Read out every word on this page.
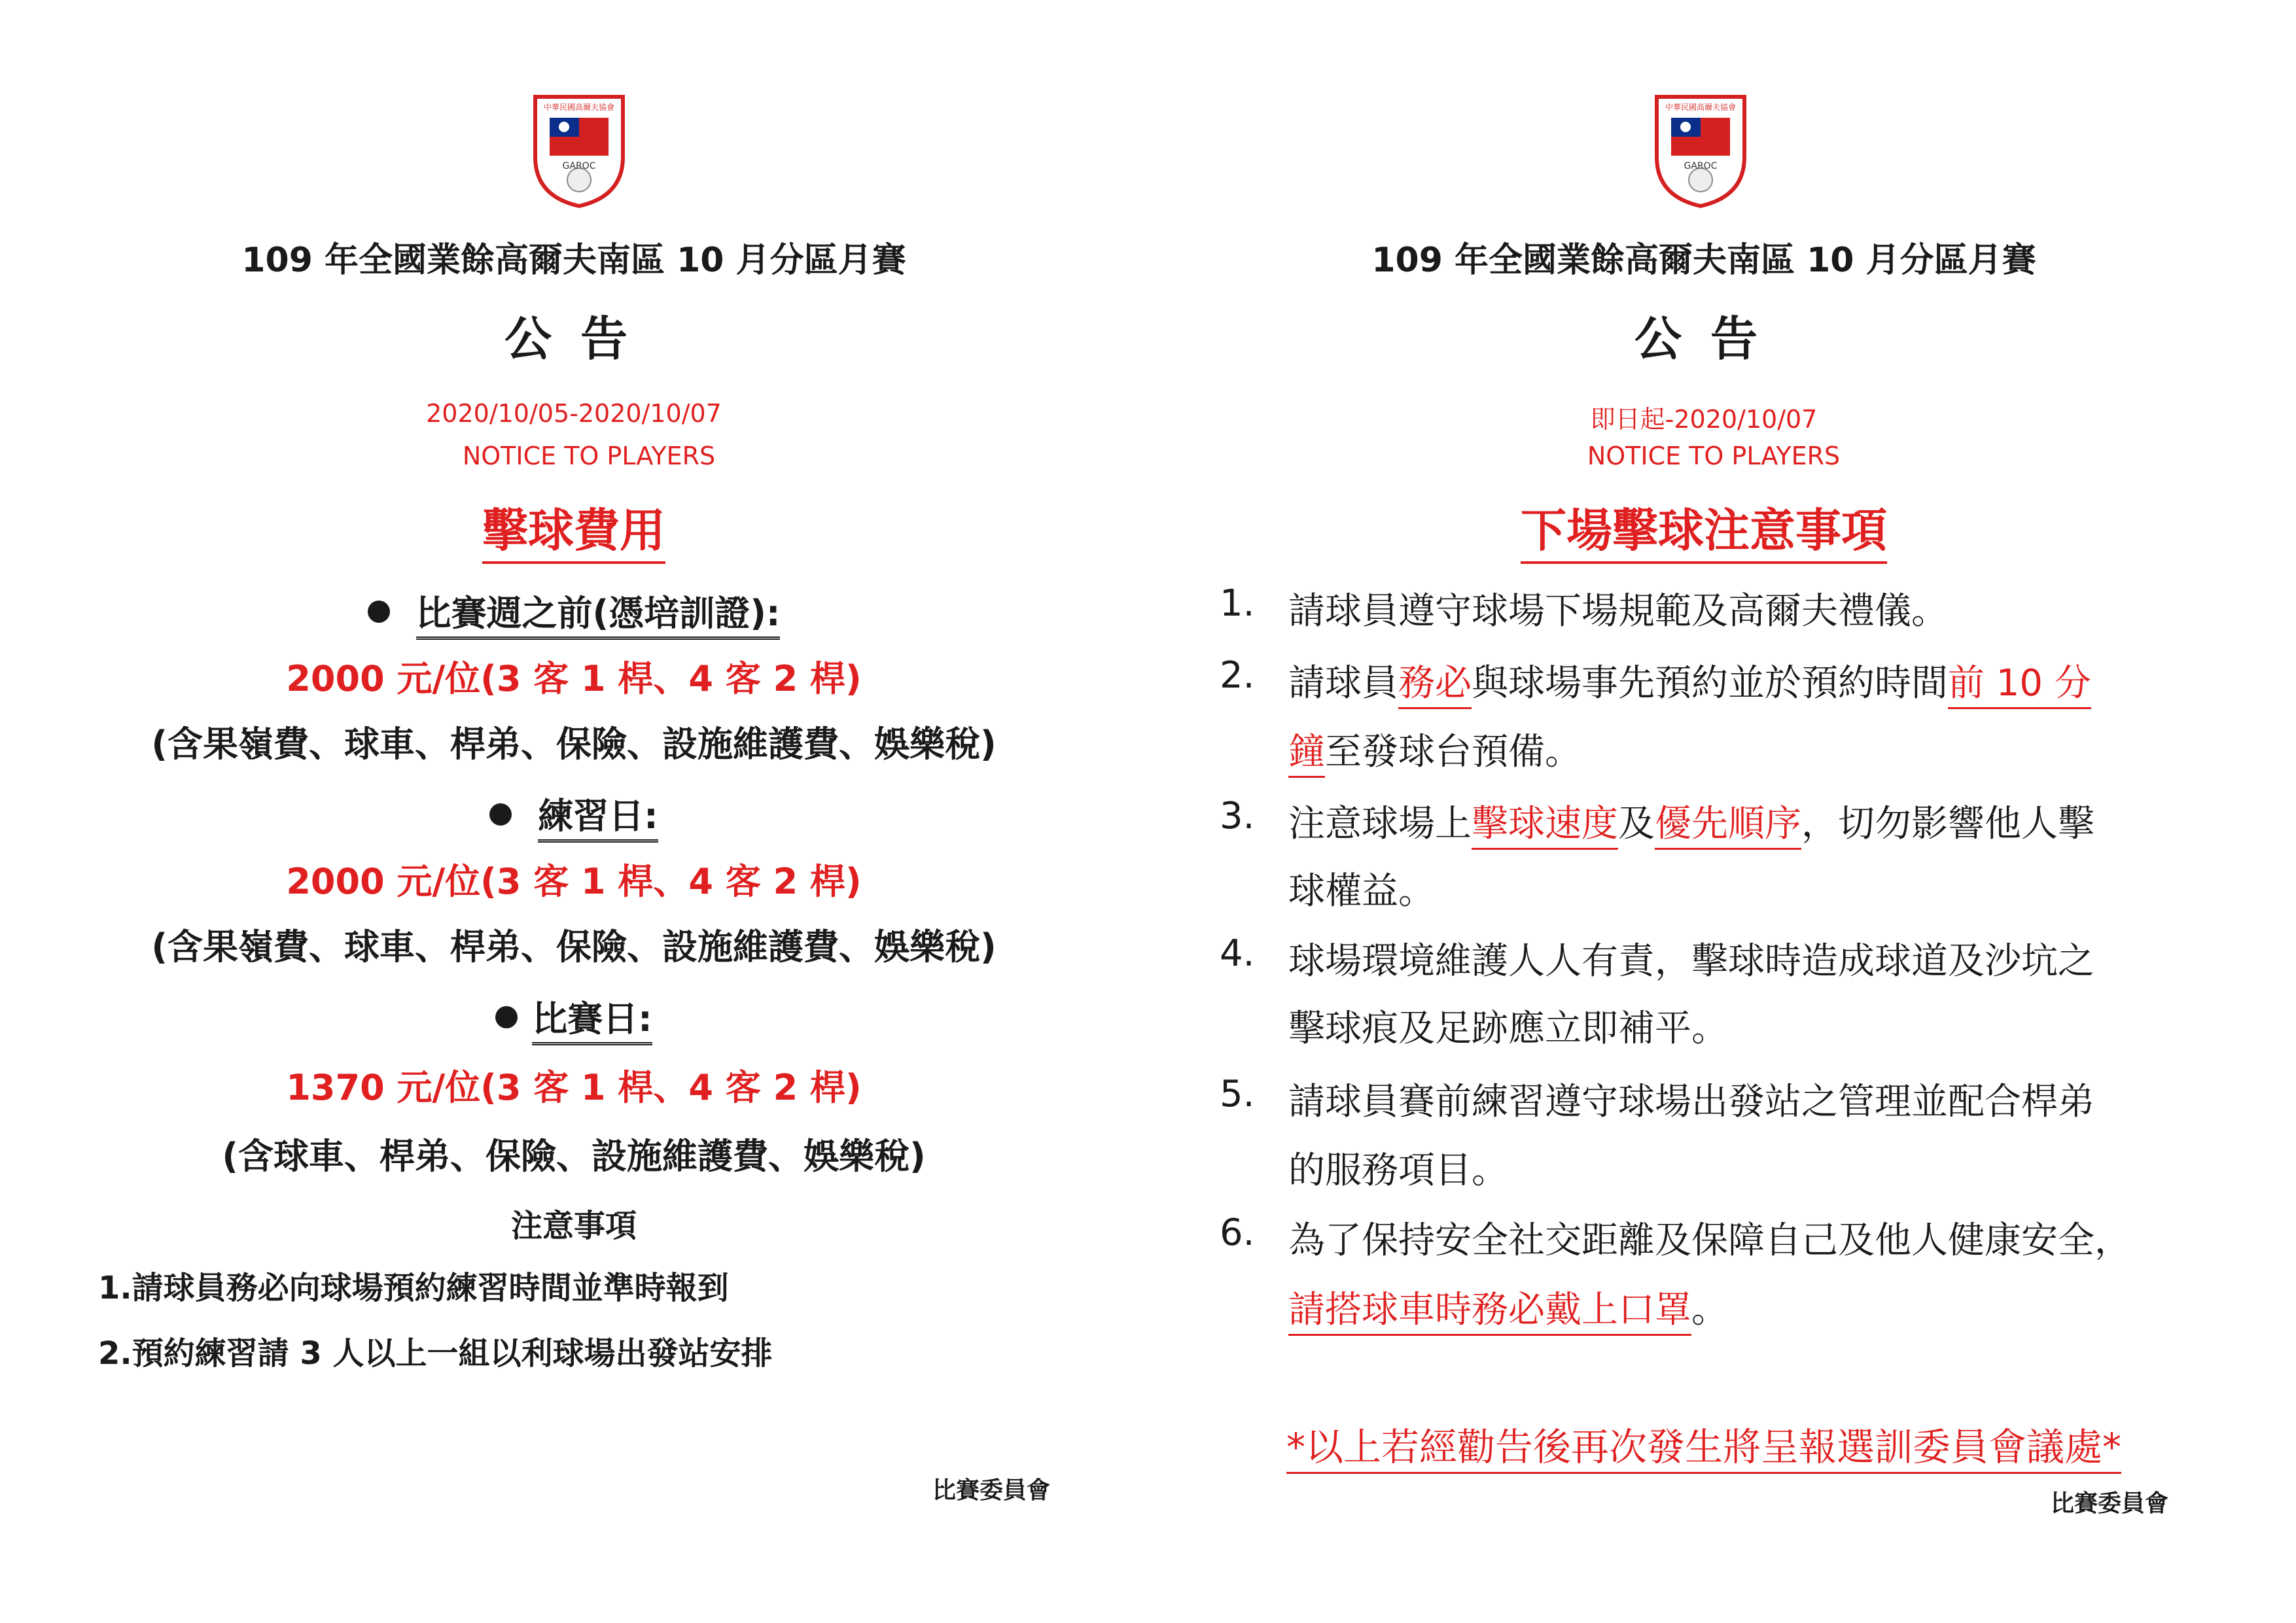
中華民國高爾夫協會
GAROC
109 年全國業餘高爾夫南區 10 月分區月賽
公告
2020/10/05-2020/10/07
NOTICE TO PLAYERS
擊球費用
比賽週之前(憑培訓證):
2000 元/位(3 客 1 桿、4 客 2 桿)
(含果嶺費、球車、桿弟、保險、設施維護費、娛樂稅)
練習日:
2000 元/位(3 客 1 桿、4 客 2 桿)
(含果嶺費、球車、桿弟、保險、設施維護費、娛樂稅)
比賽日:
1370 元/位(3 客 1 桿、4 客 2 桿)
(含球車、桿弟、保險、設施維護費、娛樂稅)
注意事項
1.請球員務必向球場預約練習時間並準時報到
2.預約練習請 3 人以上一組以利球場出發站安排
比賽委員會
中華民國高爾夫協會
GAROC
109 年全國業餘高爾夫南區 10 月分區月賽
公告
即日起-2020/10/07
NOTICE TO PLAYERS
下場擊球注意事項
1. 請球員遵守球場下場規範及高爾夫禮儀。
2. 請球員務必與球場事先預約並於預約時間前 10 分
鐘至發球台預備。
3. 注意球場上擊球速度及優先順序，切勿影響他人擊
球權益。
4. 球場環境維護人人有責，擊球時造成球道及沙坑之
擊球痕及足跡應立即補平。
5. 請球員賽前練習遵守球場出發站之管理並配合桿弟
的服務項目。
6. 為了保持安全社交距離及保障自己及他人健康安全，
請搭球車時務必戴上口罩。
*以上若經勸告後再次發生將呈報選訓委員會議處*
比賽委員會
